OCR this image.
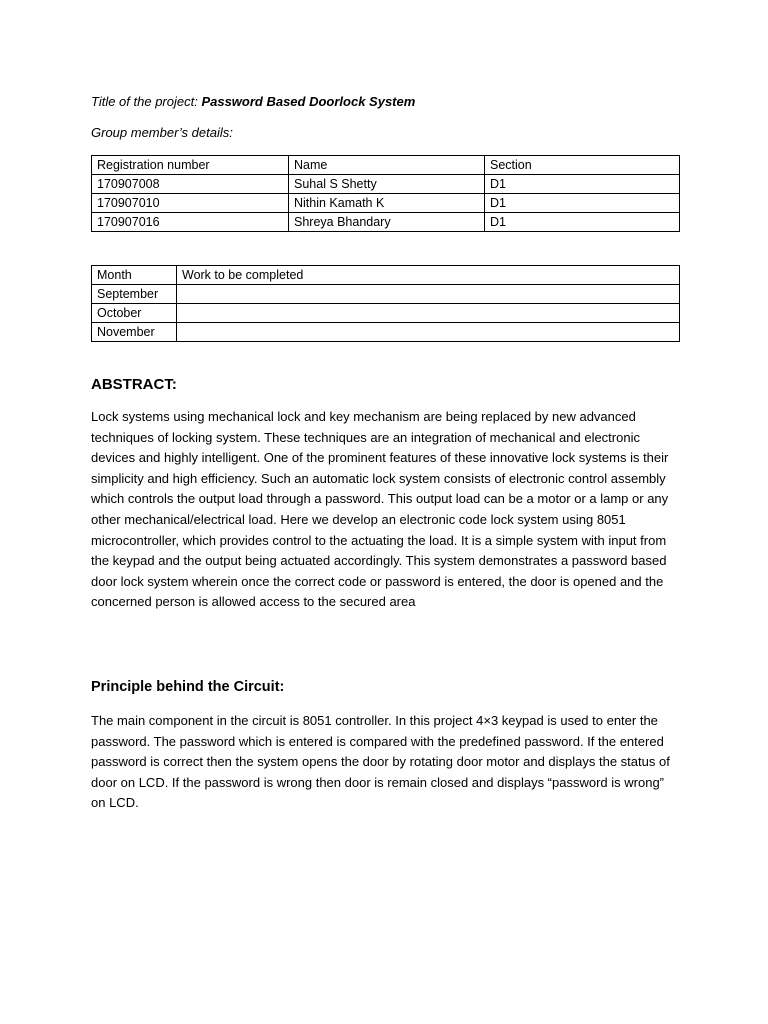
Title of the project: Password Based Doorlock System
Group member’s details:
Registration number	Name	Section
170907008	Suhal S Shetty	D1
170907010	Nithin Kamath K	D1
170907016	Shreya Bhandary	D1
Month	Work to be completed
September	
October	
November	
ABSTRACT:
Lock systems using mechanical lock and key mechanism are being replaced by new advanced techniques of locking system. These techniques are an integration of mechanical and electronic devices and highly intelligent. One of the prominent features of these innovative lock systems is their simplicity and high efficiency. Such an automatic lock system consists of electronic control assembly which controls the output load through a password. This output load can be a motor or a lamp or any other mechanical/electrical load. Here we develop an electronic code lock system using 8051 microcontroller, which provides control to the actuating the load. It is a simple system with input from the keypad and the output being actuated accordingly. This system demonstrates a password based door lock system wherein once the correct code or password is entered, the door is opened and the concerned person is allowed access to the secured area
Principle behind the Circuit:
The main component in the circuit is 8051 controller. In this project 4×3 keypad is used to enter the password. The password which is entered is compared with the predefined password. If the entered password is correct then the system opens the door by rotating door motor and displays the status of door on LCD. If the password is wrong then door is remain closed and displays “password is wrong” on LCD.
